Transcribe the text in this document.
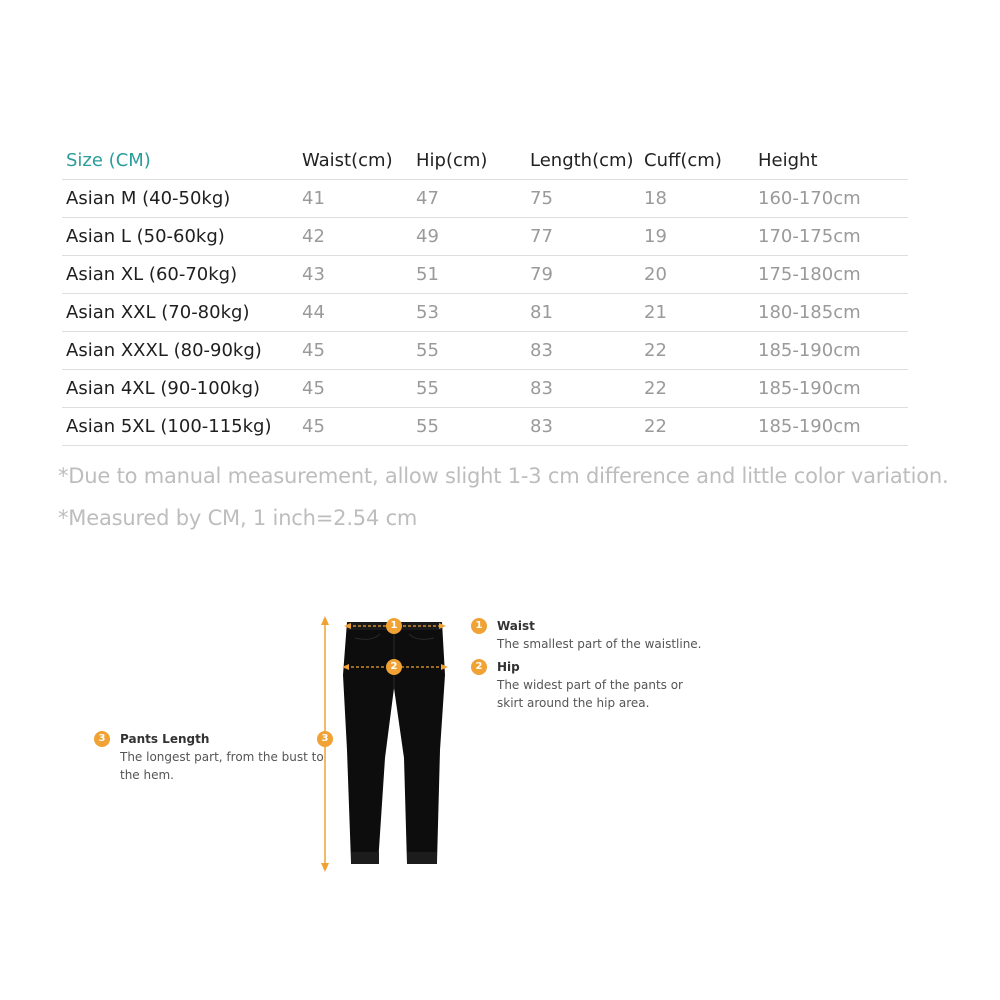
Size (CM)	Waist(cm)	Hip(cm)	Length(cm)	Cuff(cm)	Height
Asian M (40-50kg)	41	47	75	18	160-170cm
Asian L (50-60kg)	42	49	77	19	170-175cm
Asian XL (60-70kg)	43	51	79	20	175-180cm
Asian XXL (70-80kg)	44	53	81	21	180-185cm
Asian XXXL (80-90kg)	45	55	83	22	185-190cm
Asian 4XL (90-100kg)	45	55	83	22	185-190cm
Asian 5XL (100-115kg)	45	55	83	22	185-190cm
*Due to manual measurement, allow slight 1-3 cm difference and little color variation.
*Measured by CM, 1 inch=2.54 cm
1
2
3
1	Waist
The smallest part of the waistline.
2	Hip
The widest part of the pants or
skirt around the hip area.
3	Pants Length
The longest part, from the bust to
the hem.
